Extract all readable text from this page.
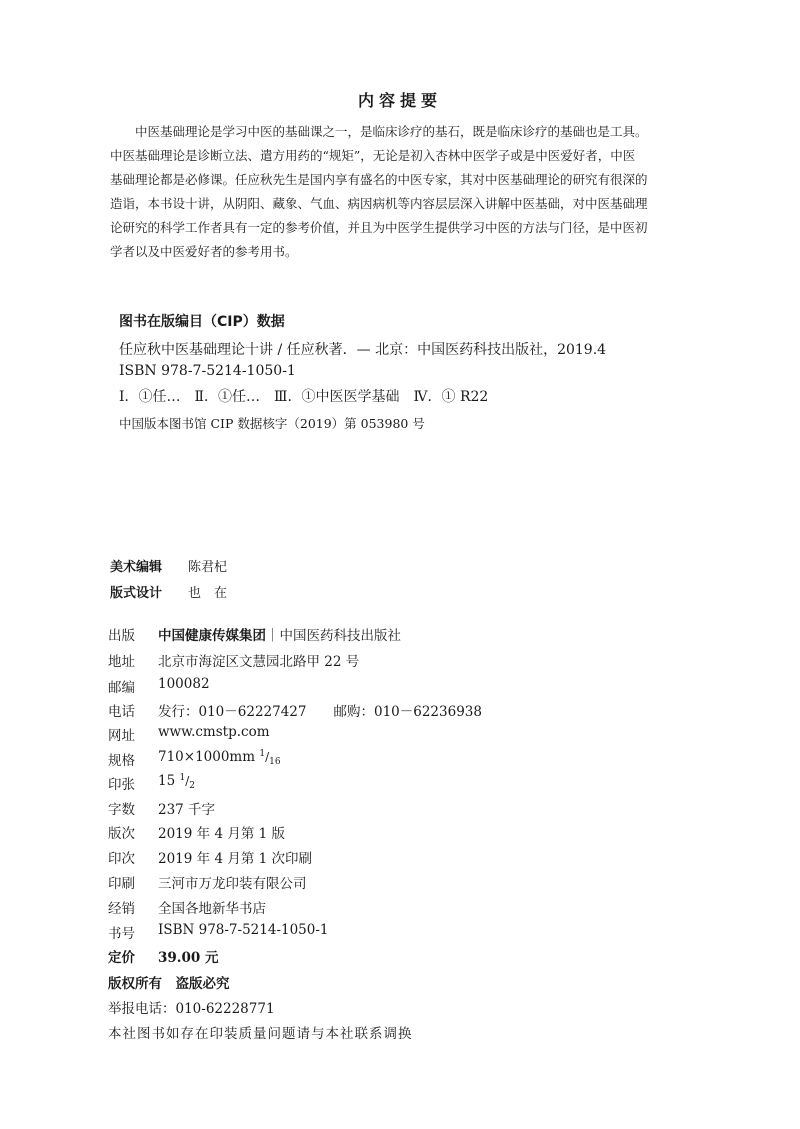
内容提要
　　中医基础理论是学习中医的基础课之一，是临床诊疗的基石，既是临床诊疗的基础也是工具。
中医基础理论是诊断立法、遣方用药的“规矩”，无论是初入杏林中医学子或是中医爱好者，中医
基础理论都是必修课。任应秋先生是国内享有盛名的中医专家，其对中医基础理论的研究有很深的
造诣，本书设十讲，从阴阳、藏象、气血、病因病机等内容层层深入讲解中医基础，对中医基础理
论研究的科学工作者具有一定的参考价值，并且为中医学生提供学习中医的方法与门径，是中医初
学者以及中医爱好者的参考用书。
图书在版编目（CIP）数据
任应秋中医基础理论十讲 / 任应秋著．— 北京：中国医药科技出版社，2019.4
ISBN 978-7-5214-1050-1
Ⅰ．①任…　Ⅱ．①任…　Ⅲ．①中医医学基础　Ⅳ．① R22
中国版本图书馆 CIP 数据核字（2019）第 053980 号
美术编辑 陈君杞
版式设计 也　在
出版 中国健康传媒集团｜中国医药科技出版社
地址 北京市海淀区文慧园北路甲 22 号
邮编 100082
电话 发行：010－62227427　　邮购：010－62236938
网址 www.cmstp.com
规格 710×1000mm $^1/_{16}$
印张 15 $^1/_2$
字数 237 千字
版次 2019 年 4 月第 1 版
印次 2019 年 4 月第 1 次印刷
印刷 三河市万龙印装有限公司
经销 全国各地新华书店
书号 ISBN 978-7-5214-1050-1
定价 39.00 元
版权所有　盗版必究
举报电话：010-62228771
本社图书如存在印装质量问题请与本社联系调换
